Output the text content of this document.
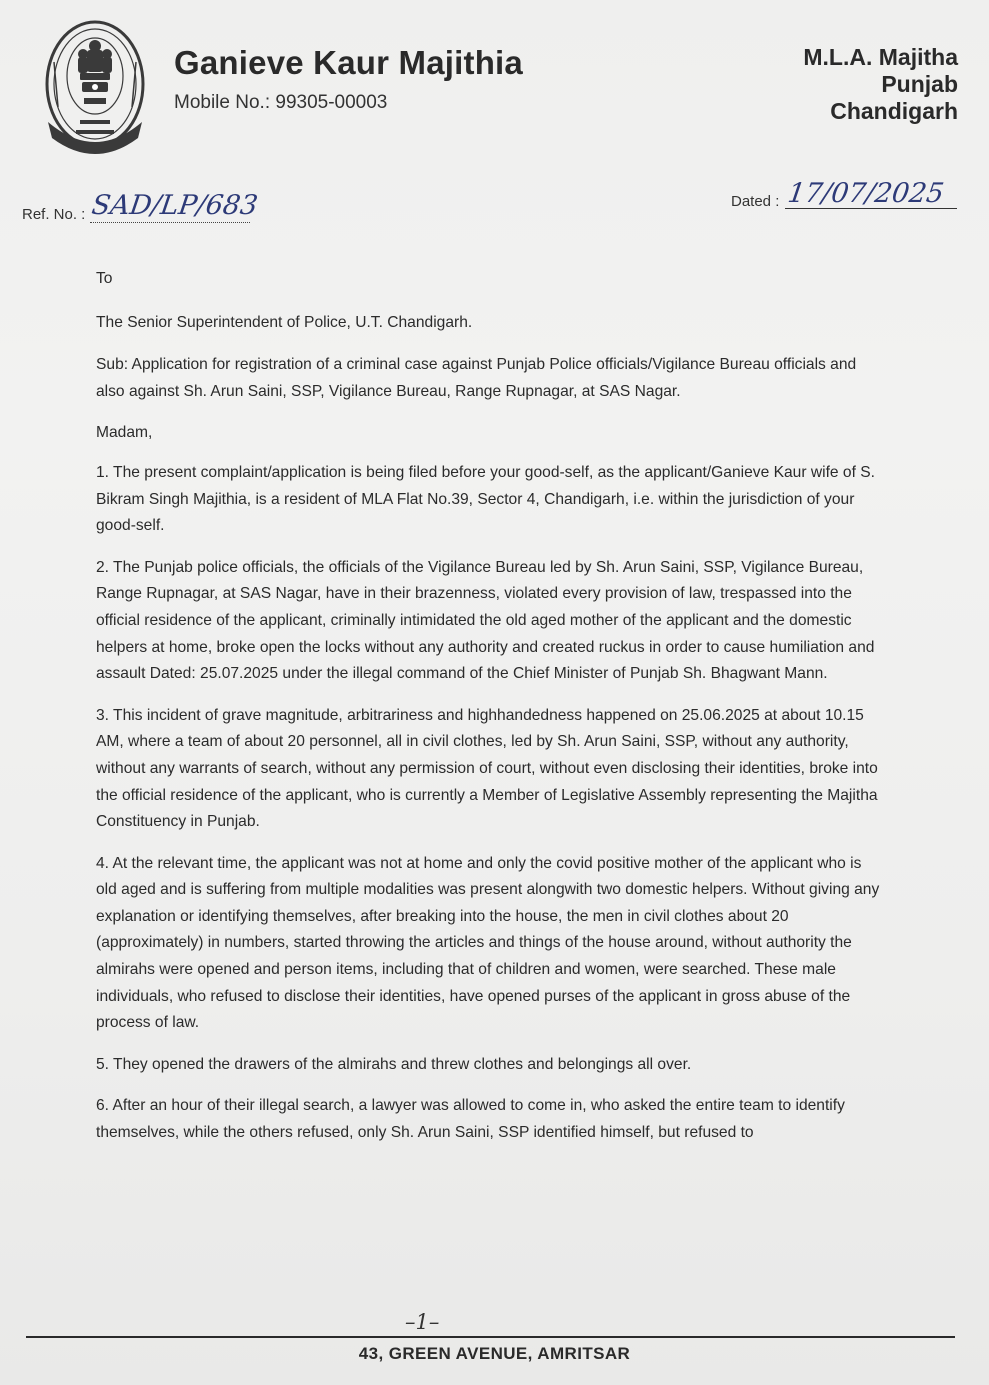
Ganieve Kaur Majithia
Mobile No.: 99305-00003
M.L.A. Majitha
Punjab
Chandigarh
Ref. No. : SAD/LP/683	Dated : 17/07/2025

To

The Senior Superintendent of Police, U.T. Chandigarh.

Sub: Application for registration of a criminal case against Punjab Police officials/Vigilance Bureau officials and also against Sh. Arun Saini, SSP, Vigilance Bureau, Range Rupnagar, at SAS Nagar.

Madam,

1. The present complaint/application is being filed before your good-self, as the applicant/Ganieve Kaur wife of S. Bikram Singh Majithia, is a resident of MLA Flat No.39, Sector 4, Chandigarh, i.e. within the jurisdiction of your good-self.

2. The Punjab police officials, the officials of the Vigilance Bureau led by Sh. Arun Saini, SSP, Vigilance Bureau, Range Rupnagar, at SAS Nagar, have in their brazenness, violated every provision of law, trespassed into the official residence of the applicant, criminally intimidated the old aged mother of the applicant and the domestic helpers at home, broke open the locks without any authority and created ruckus in order to cause humiliation and assault Dated: 25.07.2025 under the illegal command of the Chief Minister of Punjab Sh. Bhagwant Mann.

3. This incident of grave magnitude, arbitrariness and highhandedness happened on 25.06.2025 at about 10.15 AM, where a team of about 20 personnel, all in civil clothes, led by Sh. Arun Saini, SSP, without any authority, without any warrants of search, without any permission of court, without even disclosing their identities, broke into the official residence of the applicant, who is currently a Member of Legislative Assembly representing the Majitha Constituency in Punjab.

4. At the relevant time, the applicant was not at home and only the covid positive mother of the applicant who is old aged and is suffering from multiple modalities was present alongwith two domestic helpers. Without giving any explanation or identifying themselves, after breaking into the house, the men in civil clothes about 20 (approximately) in numbers, started throwing the articles and things of the house around, without authority the almirahs were opened and person items, including that of children and women, were searched. These male individuals, who refused to disclose their identities, have opened purses of the applicant in gross abuse of the process of law.

5. They opened the drawers of the almirahs and threw clothes and belongings all over.

6. After an hour of their illegal search, a lawyer was allowed to come in, who asked the entire team to identify themselves, while the others refused, only Sh. Arun Saini, SSP identified himself, but refused to

–1–
43, GREEN AVENUE, AMRITSAR
